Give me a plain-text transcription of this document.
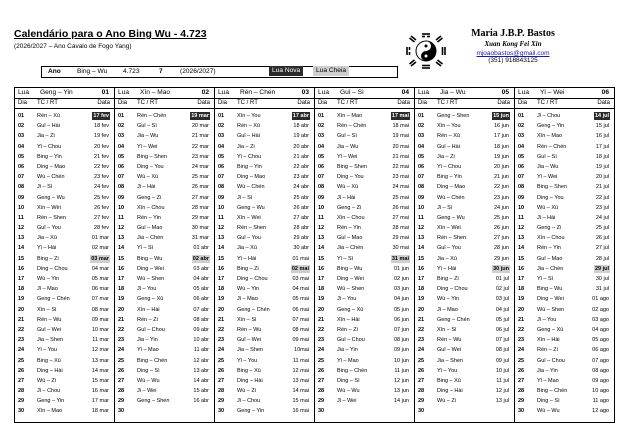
Calendário para o Ano Bing Wu - 4.723
(2026/2027 – Ano Cavalo de Fogo Yang)
Maria J.B.P. Bastos
Xuan Kong Fei Xin
mjoaobastos@gmail.com
(351) 918843125
Ano Bing – Wu 4.723	7	(2026/2027)	Lua Nova	Lua Cheia
Lua Geng – Yin	01
Dia TC / RT	Data
01 Rén – Xū	17 fev
02 Guǐ – Hài	18 fev
03 Jia – Zi	19 fev
04 Yǐ – Chou	20 fev
05 Bing – Yin	21 fev
06 Ding – Mao	22 fev
07 Wù – Chén	23 fev
08 Jǐ – Sì	24 fev
09 Geng – Wu	25 fev
10 Xīn – Wèi	26 fev
11 Rén – Shen	27 fev
12 Guǐ – You	28 fev
13 Jia – Xū	01 mar
14 Yǐ – Hài	02 mar
15 Bing – Zi	03 mar
16 Ding – Chou	04 mar
17 Wù – Yin	05 mar
18 Jǐ – Mao	06 mar
19 Geng – Chén	07 mar
20 Xīn – Sì	08 mar
21 Rén – Wu	09 mar
22 Guǐ – Wei	10 mar
23 Jia – Shen	11 mar
24 Yi – You	12 mar
25 Bing – Xū	13 mar
26 Ding – Hài	14 mar
27 Wù – Zi	15 mar
28 Jǐ – Chou	16 mar
29 Geng – Yin	17 mar
30 Xīn – Mao	18 mar
Lua Xīn – Mao	02
Dia TC / RT	Data
01 Rén – Chén	19 mar
02 Guǐ – Sì	20 mar
03 Jia – Wu	21 mar
04 Yǐ – Wei	22 mar
05 Bing – Shen	23 mar
06 Ding – You	24 mar
07 Wù – Xū	25 mar
08 Jǐ – Hài	26 mar
09 Geng – Zi	27 mar
10 Xīn – Chou	28 mar
11 Rén – Yin	29 mar
12 Guǐ – Mao	30 mar
13 Jia – Chén	31 mar
14 Yǐ – Sì	01 abr
15 Bing – Wu	02 abr
16 Ding – Wei	03 abr
17 Wù – Shen	04 abr
18 Jǐ – You	05 abr
19 Geng – Xū	06 abr
20 Xīn – Hài	07 abr
21 Rén – Zi	08 abr
22 Guǐ – Chou	09 abr
23 Jia – Yin	10 abr
24 Yǐ – Mao	11 abr
25 Bing – Chén	12 abr
26 Ding – Sì	13 abr
27 Wù – Wu	14 abr
28 Jǐ – Wei	15 abr
29 Geng – Shen	16 abr
30
Lua Rén – Chén	03
Dia TC / RT	Data
01 Xīn – You	17 abr
02 Rén – Xū	18 abr
03 Guǐ – Hài	19 abr
04 Jia – Zi	20 abr
05 Yǐ – Chou	21 abr
06 Bing – Yin	22 abr
07 Ding – Mao	23 abr
08 Wù – Chén	24 abr
09 Jǐ – Sì	25 abr
10 Geng – Wu	26 abr
11 Xīn – Wei	27 abr
12 Rén – Shen	28 abr
13 Guǐ – You	29 abr
14 Jia – Xū	30 abr
15 Yǐ – Hài	01 mai
16 Bing – Zi	02 mai
17 Ding – Chou	03 mai
18 Wù – Yin	04 mai
19 Jǐ – Mao	05 mai
20 Geng – Chén	06 mai
21 Xīn – Sì	07 mai
22 Rén – Wu	08 mai
23 Guǐ – Wei	09 mai
24 Jia – Shen	10mai
25 Yǐ – You	11 mai
26 Bing – Xū	12 mai
27 Ding – Hài	13 mai
28 Wù – Zi	14 mai
29 Jǐ – Chou	15 mai
30 Geng – Yin	16 mai
Lua Guǐ – Sì	04
Dia TC / RT	Data
01 Xīn – Mao	17 mai
02 Rén – Chén	18 mai
03 Guǐ – Sì	19 mai
04 Jia – Wu	20 mai
05 Yǐ – Wei	21 mai
06 Bing – Shen	22 mai
07 Ding – You	23 mai
08 Wù – Xū	24 mai
09 Jǐ – Hài	25 mai
10 Geng – Zi	26 mai
11 Xīn – Chou	27 mai
12 Rén – Yin	28 mai
13 Guǐ – Mao	29 mai
14 Jia – Chén	30 mai
15 Yǐ – Sì	31 mai
16 Bing – Wu	01 jun
17 Ding – Wei	02 jun
18 Wù – Shen	03 jun
19 Jǐ – You	04 jun
20 Geng – Xū	05 jun
21 Xīn – Hài	06 jun
22 Rén – Zi	07 jun
23 Guǐ – Chou	08 jun
24 Jia – Yin	09 jun
25 Yǐ – Mao	10 jun
26 Bing – Chén	11 jun
27 Ding – Sì	12 jun
28 Wù – Wu	13 jun
29 Jǐ – Wei	14 jun
30
Lua Jia – Wu	05
Dia TC / RT	Data
01 Geng – Shen	15 jun
02 Xīn – You	16 jun
03 Rén – Xū	17 jun
04 Guǐ – Hài	18 jun
05 Jia – Zi	19 jun
06 Yǐ – Chou	20 jun
07 Bing – Yin	21 jun
08 Ding – Mao	22 jun
09 Wù – Chén	23 jun
10 Jǐ – Sì	24 jun
11 Geng – Wu	25 jun
12 Xīn – Wei	26 jun
13 Rén – Shen	27 jun
14 Guǐ – You	28 jun
15 Jia – Xū	29 jun
16 Yǐ – Hài	30 jun
17 Bing – Zi	01 jul
18 Ding – Chou	02 jul
19 Wù – Yin	03 jul
20 Jǐ – Mao	04 jul
21 Geng – Chén	05 jul
22 Xīn – Sì	06 jul
23 Rén – Wu	07 jul
24 Guǐ – Wei	08 jul
25 Jia – Shen	09 jul
26 Yǐ – You	10 jul
27 Bing – Xū	11 jul
28 Ding – Hài	12 jul
29 Wù – Zi	13 jul
30
Lua Yǐ – Wei	06
Dia TC / RT	Data
01 Jǐ – Chou	14 jul
02 Geng – Yin	15 jul
03 Xīn – Mao	16 jul
04 Rén – Chén	17 jul
05 Guǐ – Sì	18 jul
06 Jia – Wu	19 jul
07 Yǐ – Wei	20 jul
08 Bing – Shen	21 jul
09 Ding – You	22 jul
10 Wù – Xū	23 jul
11 Jǐ – Hài	24 jul
12 Geng – Zi	25 jul
13 Xīn – Chou	26 jul
14 Rén – Yin	27 jul
15 Guǐ – Mao	28 jul
16 Jia – Chén	29 jul
17 Yǐ – Sì	30 jul
18 Bing – Wu	31 jul
19 Ding – Wei	01 ago
20 Wù – Shen	02 ago
21 Jǐ – You	03 ago
22 Geng – Xū	04 ago
23 Xīn – Hài	05 ago
24 Rén – Zi	06 ago
25 Guǐ – Chou	07 ago
26 Jia – Yin	08 ago
27 Yǐ – Mao	09 ago
28 Bing – Chén	10 ago
29 Ding – Sì	11 ago
30 Wù – Wu	12 ago
